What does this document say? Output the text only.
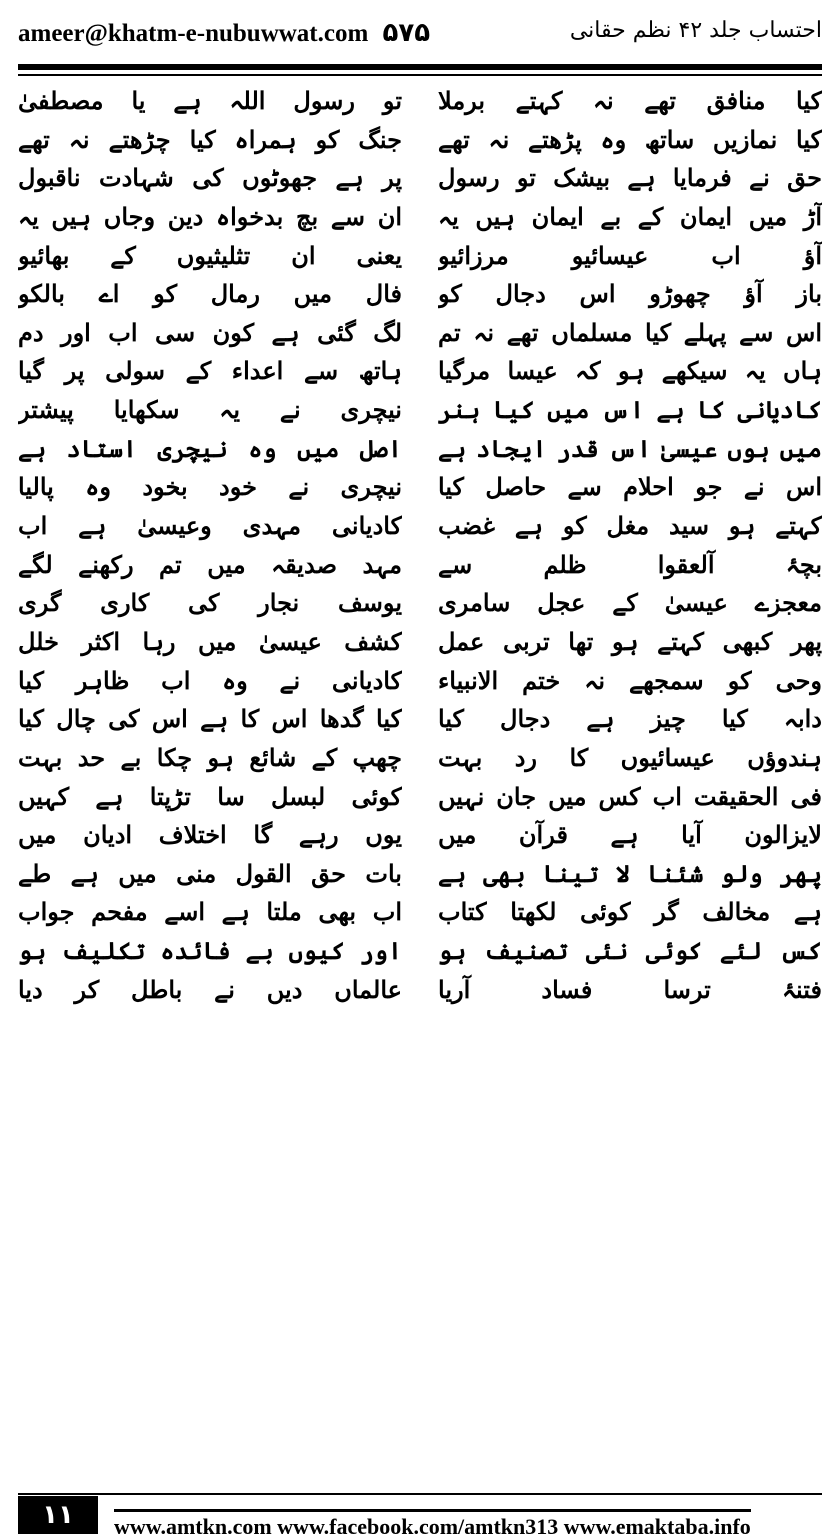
ameer@khatm-e-nubuwwat.com ۵۷۵	احتساب جلد ۴۲ نظم حقانی
کیا منافق تھے نہ کہتے برملا
کیا نمازیں ساتھ وہ پڑھتے نہ تھے
حق نے فرمایا ہے بیشک تو رسول
آڑ میں ایمان کے بے ایمان ہیں یہ
آؤ اب عیسائیو مرزائیو
باز آؤ چھوڑو اس دجال کو
اس سے پہلے کیا مسلماں تھے نہ تم
ہاں یہ سیکھے ہو کہ عیسا مرگیا
کادیانی کا ہے اس میں کیا ہنر
میں ہوں عیسیٰ اس قدر ایجاد ہے
اس نے جو احلام سے حاصل کیا
کہتے ہو سید مغل کو ہے غضب
بچۂ آلعقوا ظلم سے
معجزے عیسیٰ کے عجل سامری
پھر کبھی کہتے ہو تھا تربی عمل
وحی کو سمجھے نہ ختم الانبیاء
دابہ کیا چیز ہے دجال کیا
ہندوؤں عیسائیوں کا رد بہت
فی الحقیقت اب کس میں جان نہیں
لایزالون آیا ہے قرآن میں
پھر ولو شئنا لا تینا بھی ہے
ہے مخالف گر کوئی لکھتا کتاب
کس لئے کوئی نئی تصنیف ہو
فتنۂ ترسا فساد آریا
تو رسول اللہ ہے یا مصطفیٰ
جنگ کو ہمراہ کیا چڑھتے نہ تھے
پر ہے جھوٹوں کی شہادت ناقبول
ان سے بچ بدخواہ دین وجاں ہیں یہ
یعنی ان تثلیثیوں کے بھائیو
فال میں رمال کو اے بالکو
لگ گئی ہے کون سی اب اور دم
ہاتھ سے اعداء کے سولی پر گیا
نیچری نے یہ سکھایا پیشتر
اصل میں وہ نیچری استاد ہے
نیچری نے خود بخود وہ پالیا
کادیانی مہدی وعیسیٰ ہے اب
مہد صدیقہ میں تم رکھنے لگے
یوسف نجار کی کاری گری
کشف عیسیٰ میں رہا اکثر خلل
کادیانی نے وہ اب ظاہر کیا
کیا گدھا اس کا ہے اس کی چال کیا
چھپ کے شائع ہو چکا بے حد بہت
کوئی لبسل سا تڑپتا ہے کہیں
یوں رہے گا اختلاف ادیان میں
بات حق القول منی میں ہے طے
اب بھی ملتا ہے اسے مفحم جواب
اور کیوں بے فائدہ تکلیف ہو
عالماں دیں نے باطل کر دیا
۱۱	www.amtkn.com www.facebook.com/amtkn313 www.emaktaba.info
